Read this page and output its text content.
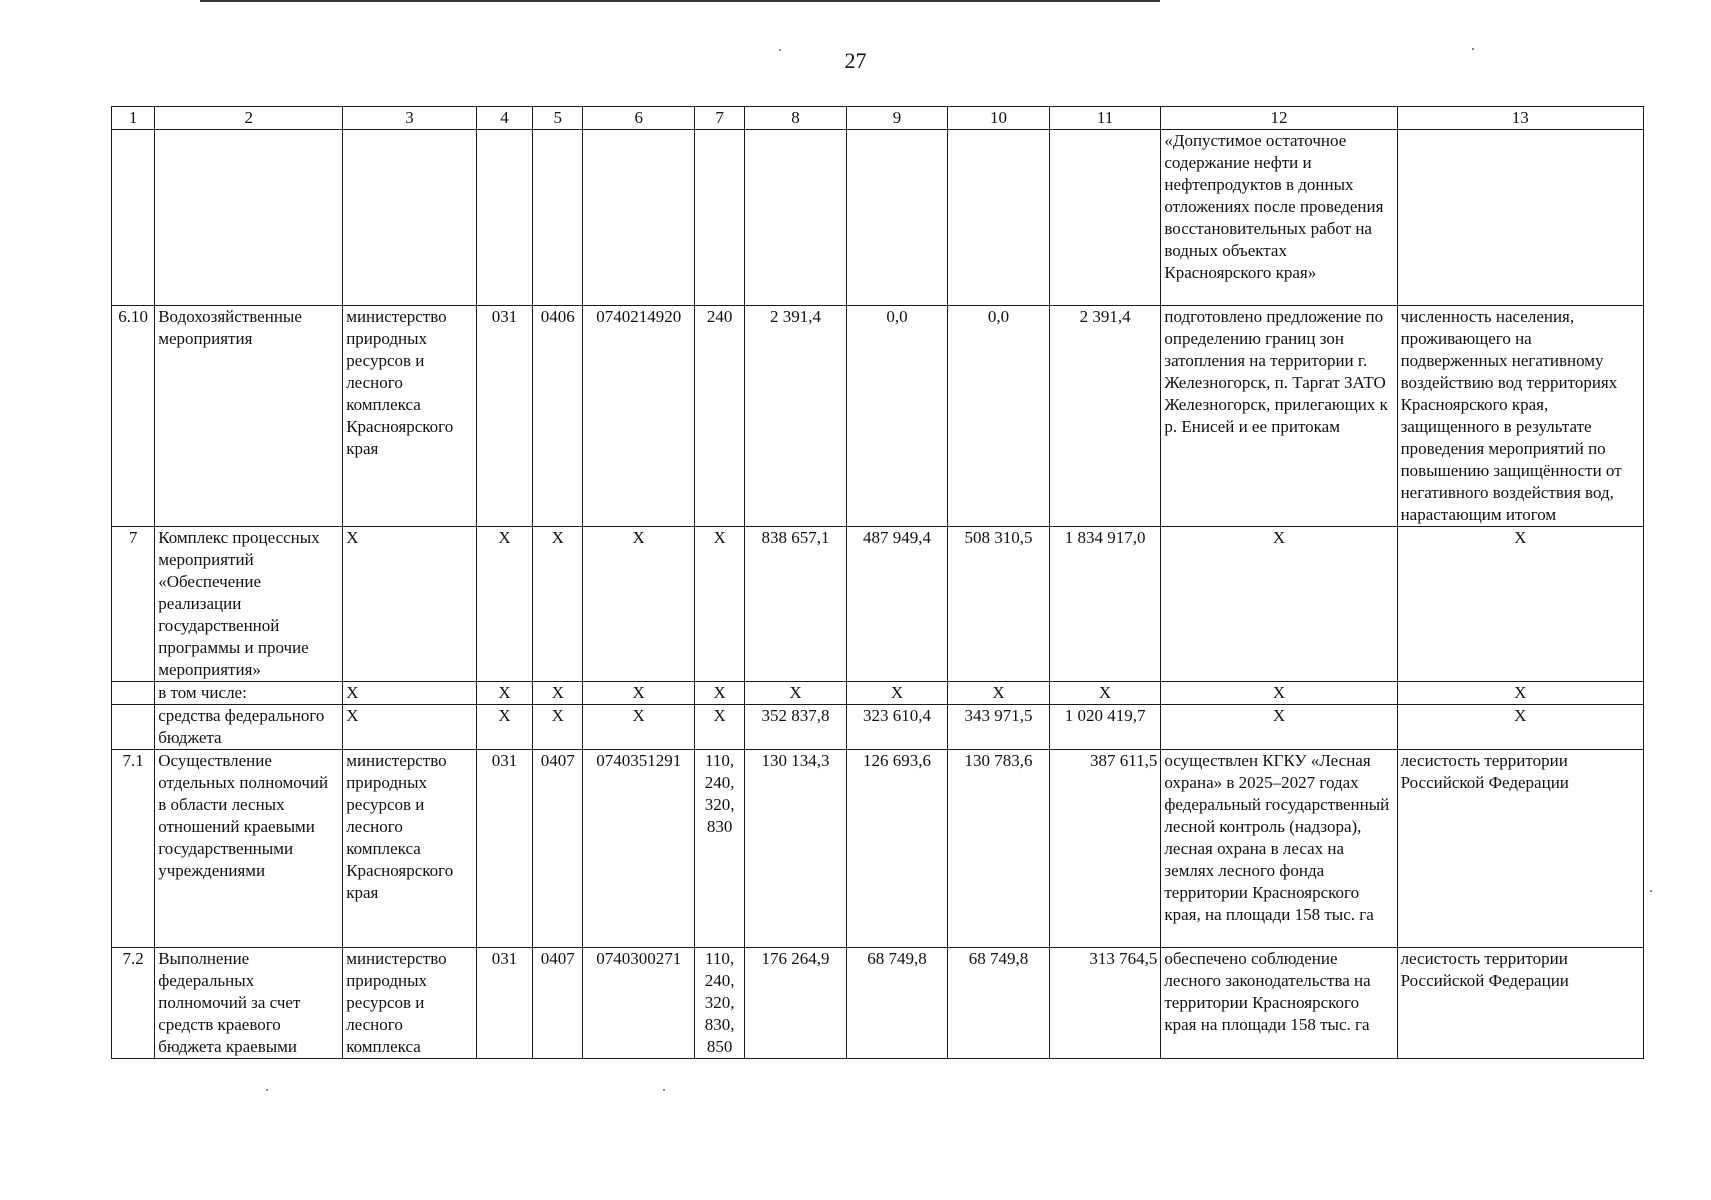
27
1	2	3	4	5	6	7	8	9	10	11	12	13
											«Допустимое остаточное содержание нефти и нефтепродуктов в донных отложениях после проведения восстановительных работ на водных объектах Красноярского края»	
6.10	Водохозяйственные мероприятия	министерство природных ресурсов и лесного комплекса Красноярского края	031	0406	0740214920	240	2 391,4	0,0	0,0	2 391,4	подготовлено предложение по определению границ зон затопления на территории г. Железногорск, п. Таргат ЗАТО Железногорск, прилегающих к р. Енисей и ее притокам	численность населения, проживающего на подверженных негативному воздействию вод территориях Красноярского края, защищенного в результате проведения мероприятий по повышению защищённости от негативного воздействия вод, нарастающим итогом
7	Комплекс процессных мероприятий «Обеспечение реализации государственной программы и прочие мероприятия»	Х	Х	Х	Х	Х	838 657,1	487 949,4	508 310,5	1 834 917,0	Х	Х
	в том числе:	Х	Х	Х	Х	Х	Х	Х	Х	Х	Х	Х
	средства федерального бюджета	Х	Х	Х	Х	Х	352 837,8	323 610,4	343 971,5	1 020 419,7	Х	Х
7.1	Осуществление отдельных полномочий в области лесных отношений краевыми государственными учреждениями	министерство природных ресурсов и лесного комплекса Красноярского края	031	0407	0740351291	110, 240, 320, 830	130 134,3	126 693,6	130 783,6	387 611,5	осуществлен КГКУ «Лесная охрана» в 2025–2027 годах федеральный государственный лесной контроль (надзора), лесная охрана в лесах на землях лесного фонда территории Красноярского края, на площади 158 тыс. га	лесистость территории Российской Федерации
7.2	Выполнение федеральных полномочий за счет средств краевого бюджета краевыми	министерство природных ресурсов и лесного комплекса	031	0407	0740300271	110, 240, 320, 830, 850	176 264,9	68 749,8	68 749,8	313 764,5	обеспечено соблюдение лесного законодательства на территории Красноярского края на площади 158 тыс. га	лесистость территории Российской Федерации
